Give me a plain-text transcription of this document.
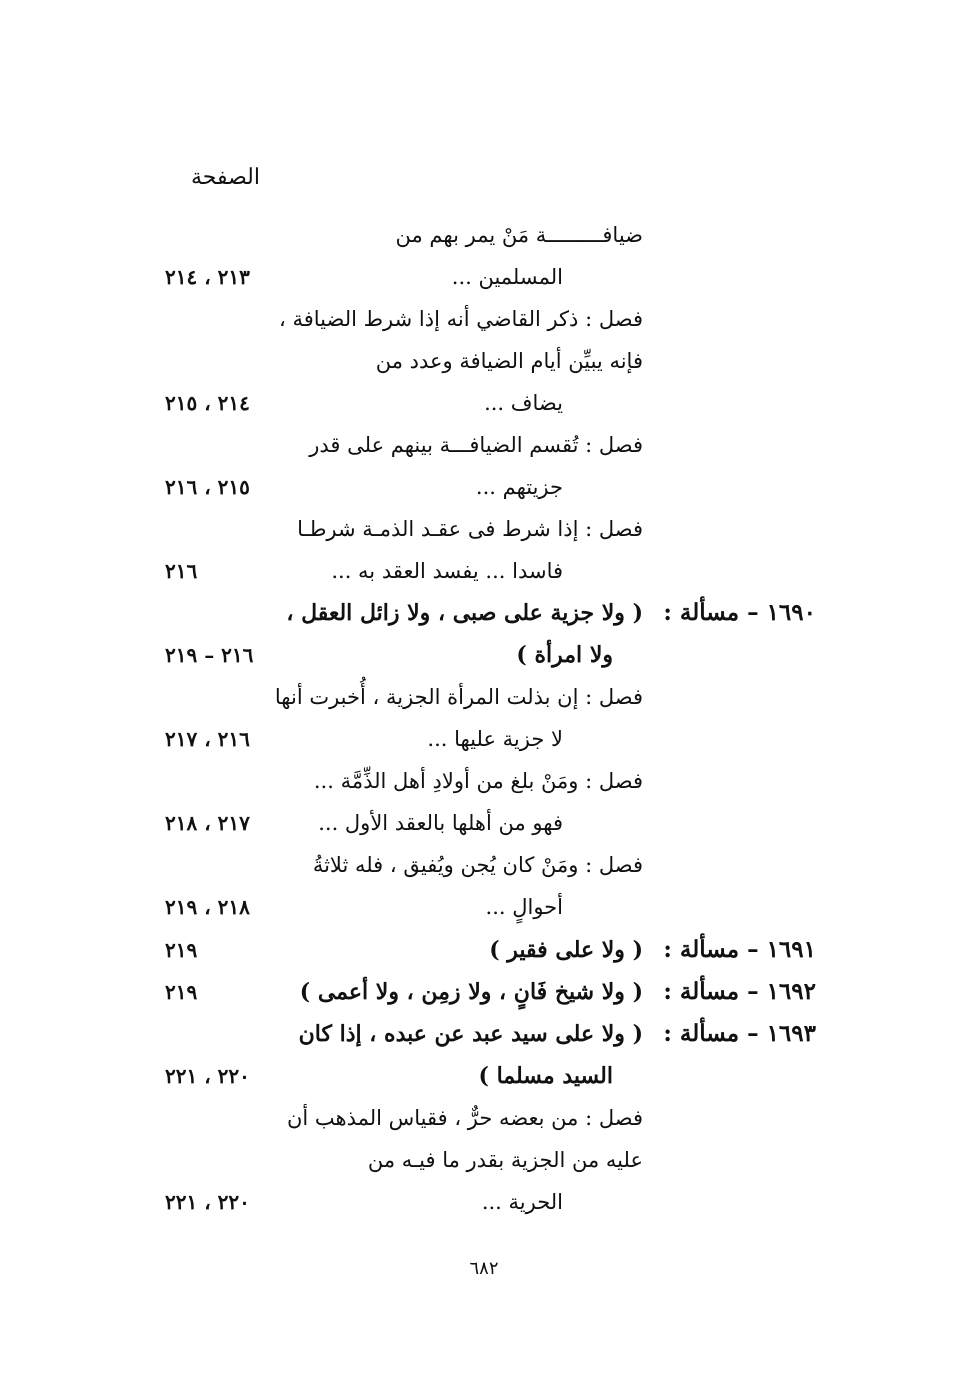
الصفحة
ضيافـــــــــة مَنْ يمر بهم من
المسلمين ...
٢١٣ ، ٢١٤
فصل : ذكر القاضي أنه إذا شرط الضيافة ،
فإنه يبيِّن أيام الضيافة وعدد من
يضاف ...
٢١٤ ، ٢١٥
فصل : تُقسم الضيافـــة بينهم على قدر
جزيتهم ...
٢١٥ ، ٢١٦
فصل : إذا شرط فى عقـد الذمـة شرطـا
فاسدا ... يفسد العقد به ...
٢١٦
١٦٩٠ – مسألة :
( ولا جزية على صبى ، ولا زائل العقل ،
ولا امرأة )
٢١٦ – ٢١٩
فصل : إن بذلت المرأة الجزية ، أُخبرت أنها
لا جزية عليها ...
٢١٦ ، ٢١٧
فصل : ومَنْ بلغ من أولادِ أهل الذِّمَّة ...
فهو من أهلها بالعقد الأول ...
٢١٧ ، ٢١٨
فصل : ومَنْ كان يُجن ويُفيق ، فله ثلاثةُ
أحوالٍ ...
٢١٨ ، ٢١٩
١٦٩١ – مسألة :
( ولا على فقير )
٢١٩
١٦٩٢ – مسألة :
( ولا شيخ فَانٍ ، ولا زمِن ، ولا أعمى )
٢١٩
١٦٩٣ – مسألة :
( ولا على سيد عبد عن عبده ، إذا كان
السيد مسلما )
٢٢٠ ، ٢٢١
فصل : من بعضه حرٌّ ، فقياس المذهب أن
عليه من الجزية بقدر ما فيـه من
الحرية ...
٢٢٠ ، ٢٢١
٦٨٢
